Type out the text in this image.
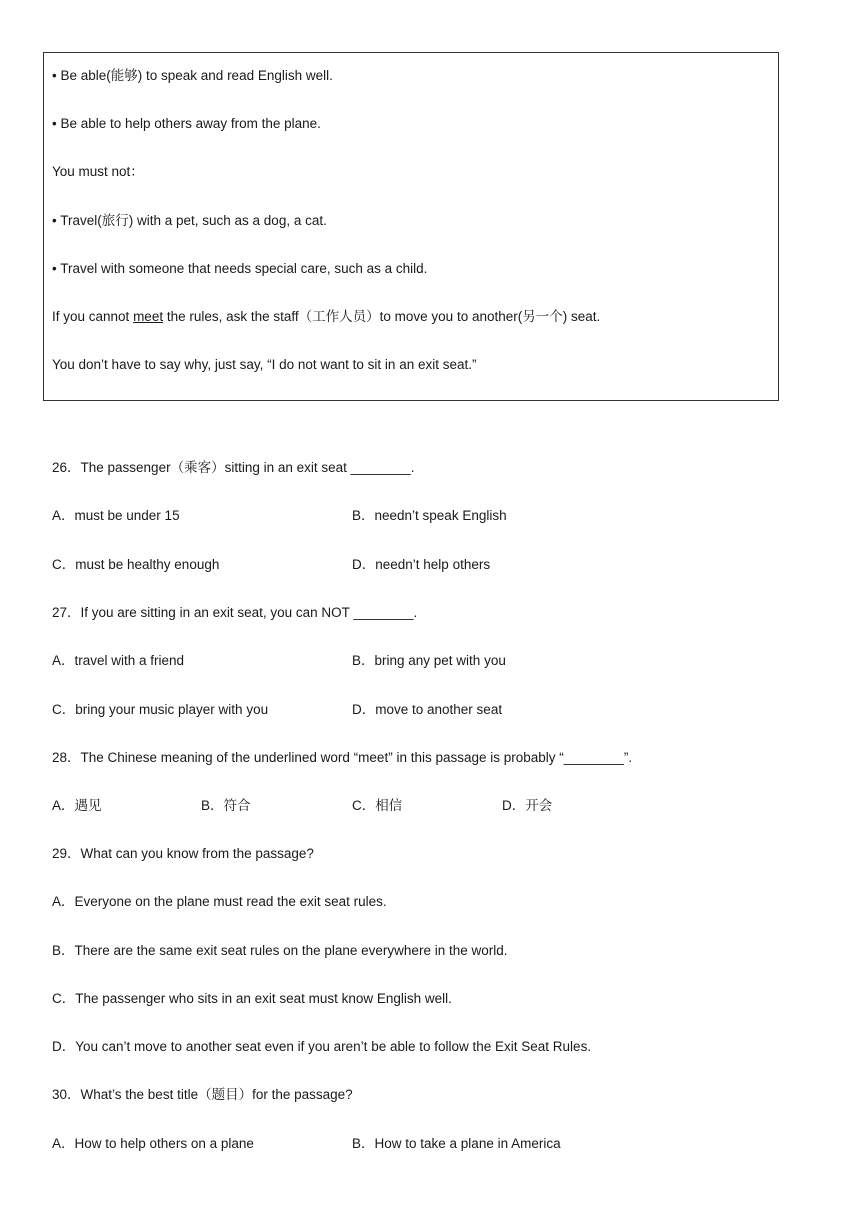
• Be able(能够) to speak and read English well.
• Be able to help others away from the plane.
You must not：
• Travel(旅行) with a pet, such as a dog, a cat.
• Travel with someone that needs special care, such as a child.
If you cannot meet the rules, ask the staff（工作人员）to move you to another(另一个) seat.
You don’t have to say why, just say, “I do not want to sit in an exit seat.”
26．The passenger（乘客）sitting in an exit seat ________.
A．must be under 15	B．needn’t speak English
C．must be healthy enough	D．needn’t help others
27．If you are sitting in an exit seat, you can NOT ________.
A．travel with a friend	B．bring any pet with you
C．bring your music player with you	D．move to another seat
28．The Chinese meaning of the underlined word “meet” in this passage is probably “________”.
A．遇见	B．符合	C．相信	D．开会
29．What can you know from the passage?
A．Everyone on the plane must read the exit seat rules.
B．There are the same exit seat rules on the plane everywhere in the world.
C．The passenger who sits in an exit seat must know English well.
D．You can’t move to another seat even if you aren’t be able to follow the Exit Seat Rules.
30．What’s the best title（题目）for the passage?
A．How to help others on a plane	B．How to take a plane in America
